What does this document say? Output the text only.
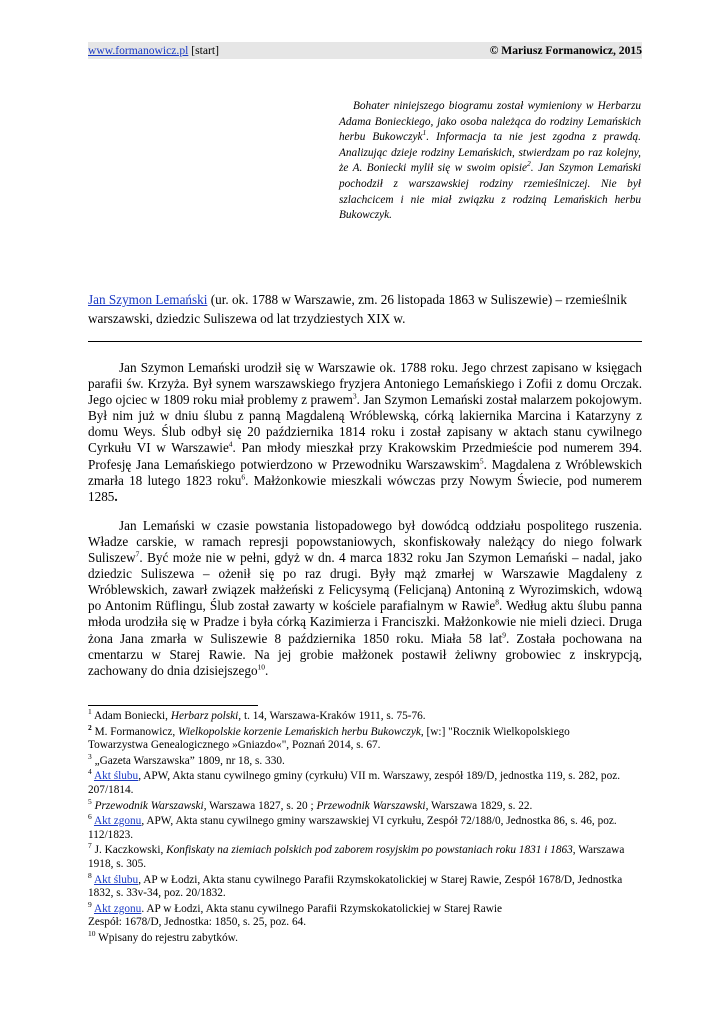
www.formanowicz.pl [start]	© Mariusz Formanowicz, 2015

Bohater niniejszego biogramu został wymieniony w Herbarzu Adama Bonieckiego, jako osoba należąca do rodziny Lemańskich herbu Bukowczyk$^1$. Informacja ta nie jest zgodna z prawdą. Analizując dzieje rodziny Lemańskich, stwierdzam po raz kolejny, że A. Boniecki mylił się w swoim opisie$^2$. Jan Szymon Lemański pochodził z warszawskiej rodziny rzemieślniczej. Nie był szlachcicem i nie miał związku z rodziną Lemańskich herbu Bukowczyk.

Jan Szymon Lemański (ur. ok. 1788 w Warszawie, zm. 26 listopada 1863 w Suliszewie) – rzemieślnik warszawski, dziedzic Suliszewa od lat trzydziestych XIX w.

Jan Szymon Lemański urodził się w Warszawie ok. 1788 roku. Jego chrzest zapisano w księgach parafii św. Krzyża. Był synem warszawskiego fryzjera Antoniego Lemańskiego i Zofii z domu Orczak. Jego ojciec w 1809 roku miał problemy z prawem$^3$. Jan Szymon Lemański został malarzem pokojowym. Był nim już w dniu ślubu z panną Magdaleną Wróblewską, córką lakiernika Marcina i Katarzyny z domu Weys. Ślub odbył się 20 października 1814 roku i został zapisany w aktach stanu cywilnego Cyrkułu VI w Warszawie$^4$. Pan młody mieszkał przy Krakowskim Przedmieście pod numerem 394. Profesję Jana Lemańskiego potwierdzono w Przewodniku Warszawskim$^5$. Magdalena z Wróblewskich zmarła 18 lutego 1823 roku$^6$. Małżonkowie mieszkali wówczas przy Nowym Świecie, pod numerem 1285.

Jan Lemański w czasie powstania listopadowego był dowódcą oddziału pospolitego ruszenia. Władze carskie, w ramach represji popowstaniowych, skonfiskowały należący do niego folwark Suliszew$^7$. Być może nie w pełni, gdyż w dn. 4 marca 1832 roku Jan Szymon Lemański – nadal, jako dziedzic Suliszewa – ożenił się po raz drugi. Były mąż zmarłej w Warszawie Magdaleny z Wróblewskich, zawarł związek małżeński z Felicysymą (Felicjaną) Antoniną z Wyrozimskich, wdową po Antonim Rüflingu, Ślub został zawarty w kościele parafialnym w Rawie$^8$. Według aktu ślubu panna młoda urodziła się w Pradze i była córką Kazimierza i Franciszki. Małżonkowie nie mieli dzieci. Druga żona Jana zmarła w Suliszewie 8 października 1850 roku. Miała 58 lat$^9$. Została pochowana na cmentarzu w Starej Rawie. Na jej grobie małżonek postawił żeliwny grobowiec z inskrypcją, zachowany do dnia dzisiejszego$^{10}$.

$^1$ Adam Boniecki, Herbarz polski, t. 14, Warszawa-Kraków 1911, s. 75-76.
$^2$ M. Formanowicz, Wielkopolskie korzenie Lemańskich herbu Bukowczyk, [w:] "Rocznik Wielkopolskiego Towarzystwa Genealogicznego »Gniazdo«", Poznań 2014, s. 67.
$^3$ „Gazeta Warszawska” 1809, nr 18, s. 330.
$^4$ Akt ślubu, APW, Akta stanu cywilnego gminy (cyrkułu) VII m. Warszawy, zespół 189/D, jednostka 119, s. 282, poz. 207/1814.
$^5$ Przewodnik Warszawski, Warszawa 1827, s. 20 ; Przewodnik Warszawski, Warszawa 1829, s. 22.
$^6$ Akt zgonu, APW, Akta stanu cywilnego gminy warszawskiej VI cyrkułu, Zespół 72/188/0, Jednostka 86, s. 46, poz. 112/1823.
$^7$ J. Kaczkowski, Konfiskaty na ziemiach polskich pod zaborem rosyjskim po powstaniach roku 1831 i 1863, Warszawa 1918, s. 305.
$^8$ Akt ślubu, AP w Łodzi, Akta stanu cywilnego Parafii Rzymskokatolickiej w Starej Rawie, Zespół 1678/D, Jednostka 1832, s. 33v-34, poz. 20/1832.
$^9$ Akt zgonu. AP w Łodzi, Akta stanu cywilnego Parafii Rzymskokatolickiej w Starej Rawie
Zespół: 1678/D, Jednostka: 1850, s. 25, poz. 64.
$^{10}$ Wpisany do rejestru zabytków.
